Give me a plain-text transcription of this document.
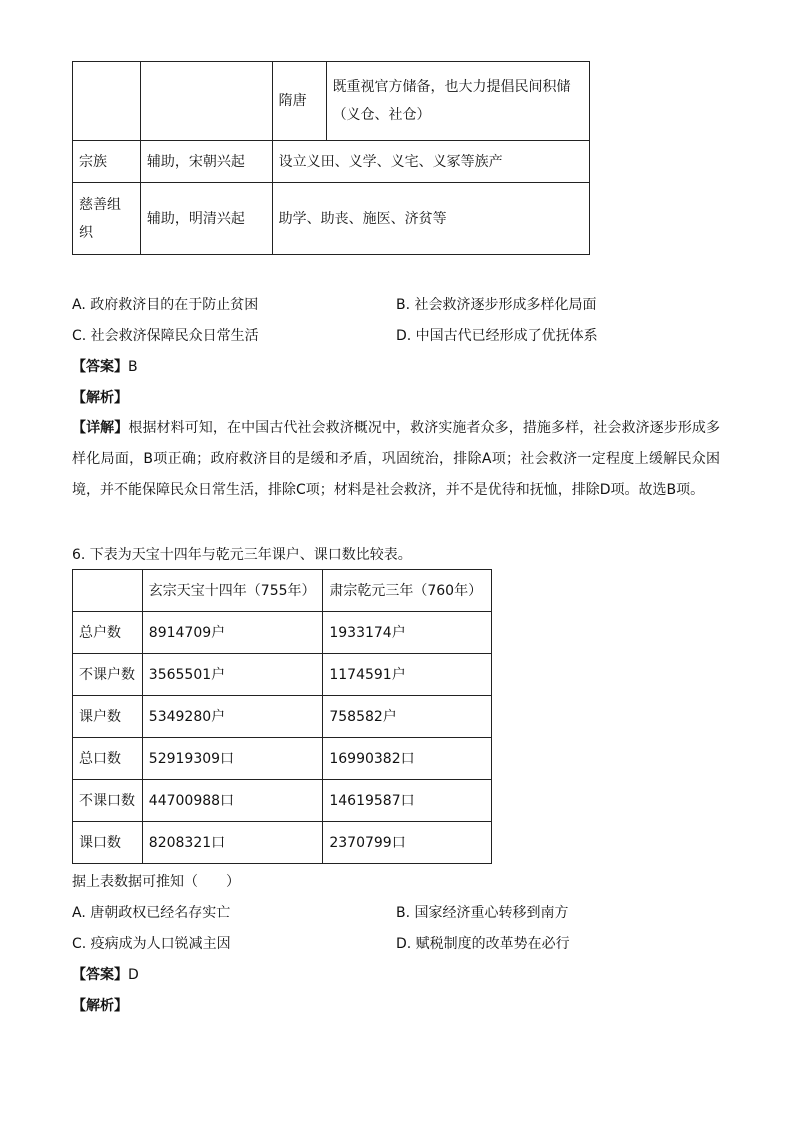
		隋唐	既重视官方储备，也大力提倡民间积储（义仓、社仓）
宗族	辅助，宋朝兴起	设立义田、义学、义宅、义冢等族产	
慈善组织	辅助，明清兴起	助学、助丧、施医、济贫等	
A. 政府救济目的在于防止贫困	B. 社会救济逐步形成多样化局面
C. 社会救济保障民众日常生活	D. 中国古代已经形成了优抚体系
【答案】B
【解析】
【详解】根据材料可知，在中国古代社会救济概况中，救济实施者众多，措施多样，社会救济逐步形成多样化局面，B项正确；政府救济目的是缓和矛盾，巩固统治，排除A项；社会救济一定程度上缓解民众困境，并不能保障民众日常生活，排除C项；材料是社会救济，并不是优待和抚恤，排除D项。故选B项。
6. 下表为天宝十四年与乾元三年课户、课口数比较表。
	玄宗天宝十四年（755年）	肃宗乾元三年（760年）
总户数	8914709户	1933174户
不课户数	3565501户	1174591户
课户数	5349280户	758582户
总口数	52919309口	16990382口
不课口数	44700988口	14619587口
课口数	8208321口	2370799口
据上表数据可推知（　　）
A. 唐朝政权已经名存实亡	B. 国家经济重心转移到南方
C. 疫病成为人口锐减主因	D. 赋税制度的改革势在必行
【答案】D
【解析】
